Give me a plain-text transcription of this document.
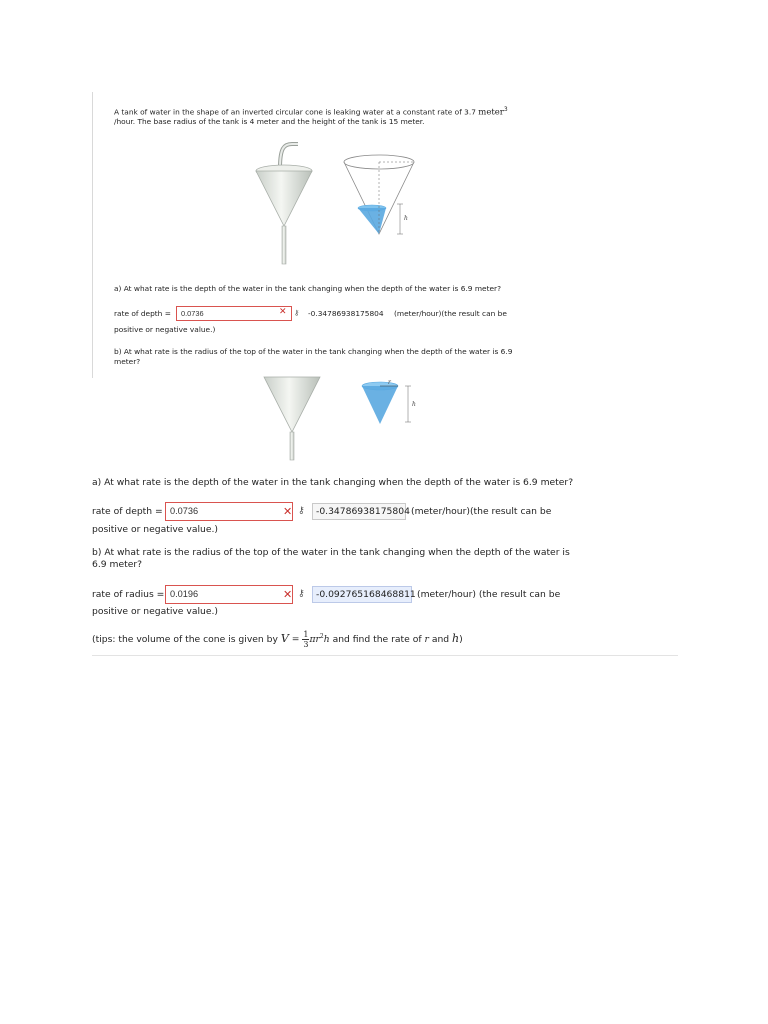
A tank of water in the shape of an inverted circular cone is leaking water at a constant rate of 3.7 meter$^3$
/hour. The base radius of the tank is 4 meter and the height of the tank is 15 meter.
h
a) At what rate is the depth of the water in the tank changing when the depth of the water is 6.9 meter?
rate of depth =	0.0736	✕ ⚷ -0.34786938175804 (meter/hour)(the result can be
positive or negative value.)
b) At what rate is the radius of the top of the water in the tank changing when the depth of the water is 6.9 meter?
r
h
a) At what rate is the depth of the water in the tank changing when the depth of the water is 6.9 meter?
rate of depth = 0.0736	✕ ⚷	-0.34786938175804 (meter/hour)(the result can be
positive or negative value.)
b) At what rate is the radius of the top of the water in the tank changing when the depth of the water is
6.9 meter?
rate of radius = 0.0196	✕ ⚷	-0.092765168468811 (meter/hour) (the result can be
positive or negative value.)
(tips: the volume of the cone is given by $V = \frac{1}{3} \pi r^2h$ and find the rate of r and h)
